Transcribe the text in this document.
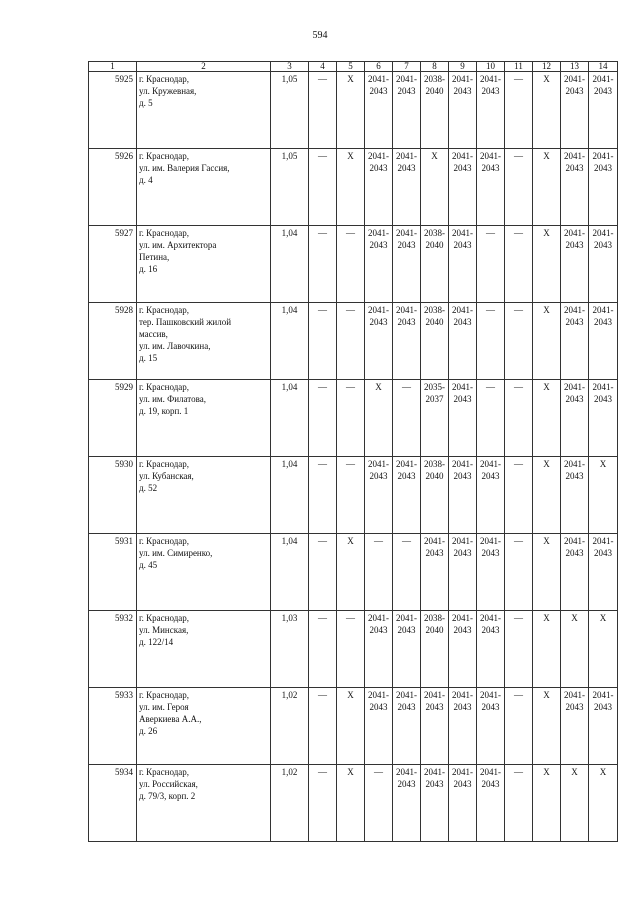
594
1	2	3	4	5	6	7	8	9	10	11	12	13	14
5925	г. Краснодар,
ул. Кружевная,
д. 5	1,05	—	Х	2041-
2043	2041-
2043	2038-
2040	2041-
2043	2041-
2043	—	Х	2041-
2043	2041-
2043
5926	г. Краснодар,
ул. им. Валерия Гассия,
д. 4	1,05	—	Х	2041-
2043	2041-
2043	Х	2041-
2043	2041-
2043	—	Х	2041-
2043	2041-
2043
5927	г. Краснодар,
ул. им. Архитектора
Петина,
д. 16	1,04	—	—	2041-
2043	2041-
2043	2038-
2040	2041-
2043	—	—	Х	2041-
2043	2041-
2043
5928	г. Краснодар,
тер. Пашковский жилой
массив,
ул. им. Лавочкина,
д. 15	1,04	—	—	2041-
2043	2041-
2043	2038-
2040	2041-
2043	—	—	Х	2041-
2043	2041-
2043
5929	г. Краснодар,
ул. им. Филатова,
д. 19, корп. 1	1,04	—	—	Х	—	2035-
2037	2041-
2043	—	—	Х	2041-
2043	2041-
2043
5930	г. Краснодар,
ул. Кубанская,
д. 52	1,04	—	—	2041-
2043	2041-
2043	2038-
2040	2041-
2043	2041-
2043	—	Х	2041-
2043	Х
5931	г. Краснодар,
ул. им. Симиренко,
д. 45	1,04	—	Х	—	—	2041-
2043	2041-
2043	2041-
2043	—	Х	2041-
2043	2041-
2043
5932	г. Краснодар,
ул. Минская,
д. 122/14	1,03	—	—	2041-
2043	2041-
2043	2038-
2040	2041-
2043	2041-
2043	—	Х	Х	Х
5933	г. Краснодар,
ул. им. Героя
Аверкиева А.А.,
д. 26	1,02	—	Х	2041-
2043	2041-
2043	2041-
2043	2041-
2043	2041-
2043	—	Х	2041-
2043	2041-
2043
5934	г. Краснодар,
ул. Российская,
д. 79/3, корп. 2	1,02	—	Х	—	2041-
2043	2041-
2043	2041-
2043	2041-
2043	—	Х	Х	Х
